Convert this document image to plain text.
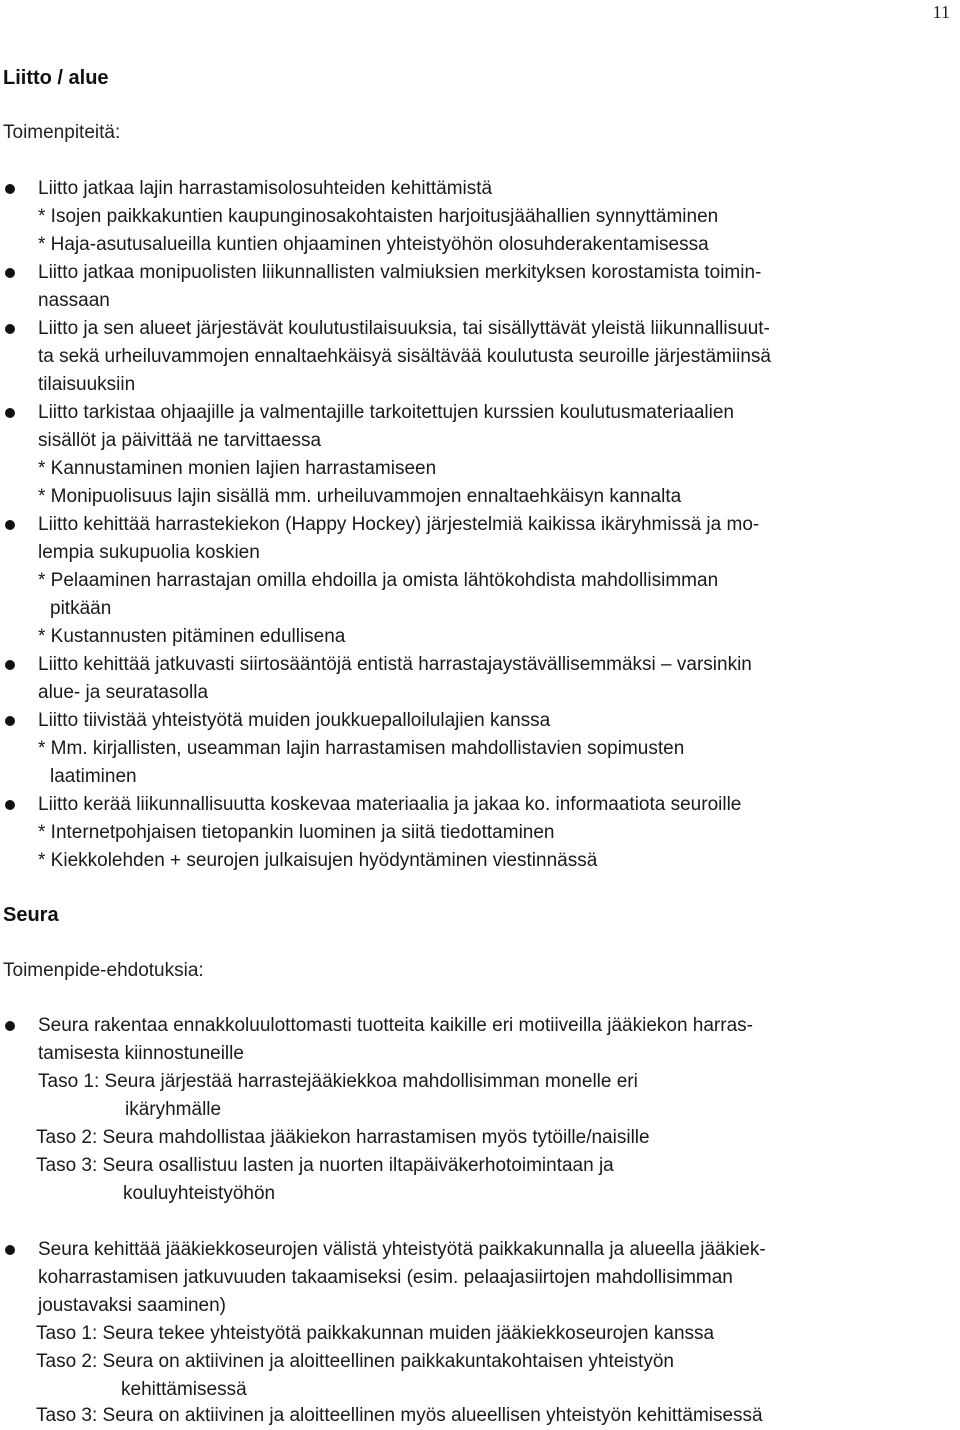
11
Liitto / alue
Toimenpiteitä:
Liitto jatkaa lajin harrastamisolosuhteiden kehittämistä
* Isojen paikkakuntien kaupunginosakohtaisten harjoitusjäähallien synnyttäminen
* Haja-asutusalueilla kuntien ohjaaminen yhteistyöhön olosuhderakentamisessa
Liitto jatkaa monipuolisten liikunnallisten valmiuksien merkityksen korostamista toimin-
nassaan
Liitto ja sen alueet järjestävät koulutustilaisuuksia, tai sisällyttävät yleistä liikunnallisuut-
ta sekä urheiluvammojen ennaltaehkäisyä sisältävää koulutusta seuroille järjestämiinsä
tilaisuuksiin
Liitto tarkistaa ohjaajille ja valmentajille tarkoitettujen kurssien koulutusmateriaalien
sisällöt ja päivittää ne tarvittaessa
* Kannustaminen monien lajien harrastamiseen
* Monipuolisuus lajin sisällä mm. urheiluvammojen ennaltaehkäisyn kannalta
Liitto kehittää harrastekiekon (Happy Hockey) järjestelmiä kaikissa ikäryhmissä ja mo-
lempia sukupuolia koskien
* Pelaaminen harrastajan omilla ehdoilla ja omista lähtökohdista mahdollisimman
pitkään
* Kustannusten pitäminen edullisena
Liitto kehittää jatkuvasti siirtosääntöjä entistä harrastajaystävällisemmäksi – varsinkin
alue- ja seuratasolla
Liitto tiivistää yhteistyötä muiden joukkuepalloilulajien kanssa
* Mm. kirjallisten, useamman lajin harrastamisen mahdollistavien sopimusten
laatiminen
Liitto kerää liikunnallisuutta koskevaa materiaalia ja jakaa ko. informaatiota seuroille
* Internetpohjaisen tietopankin luominen ja siitä tiedottaminen
* Kiekkolehden + seurojen julkaisujen hyödyntäminen viestinnässä
Seura
Toimenpide-ehdotuksia:
Seura rakentaa ennakkoluulottomasti tuotteita kaikille eri motiiveilla jääkiekon harras-
tamisesta kiinnostuneille
Taso 1: Seura järjestää harrastejääkiekkoa mahdollisimman monelle eri
ikäryhmälle
Taso 2: Seura mahdollistaa jääkiekon harrastamisen myös tytöille/naisille
Taso 3: Seura osallistuu lasten ja nuorten iltapäiväkerhotoimintaan ja
kouluyhteistyöhön
Seura kehittää jääkiekkoseurojen välistä yhteistyötä paikkakunnalla ja alueella jääkiek-
koharrastamisen jatkuvuuden takaamiseksi (esim. pelaajasiirtojen mahdollisimman
joustavaksi saaminen)
Taso 1: Seura tekee yhteistyötä paikkakunnan muiden jääkiekkoseurojen kanssa
Taso 2: Seura on aktiivinen ja aloitteellinen paikkakuntakohtaisen yhteistyön
kehittämisessä
Taso 3: Seura on aktiivinen ja aloitteellinen myös alueellisen yhteistyön kehittämisessä
